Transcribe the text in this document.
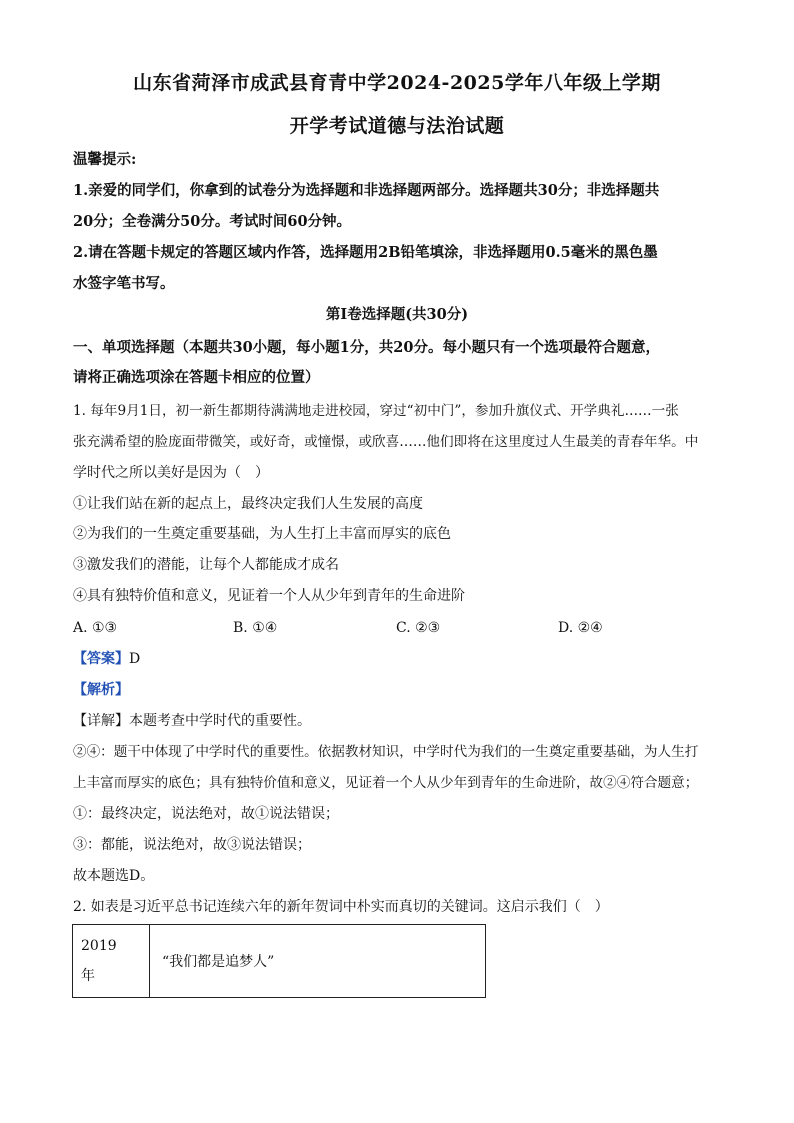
山东省菏泽市成武县育青中学2024-2025学年八年级上学期
开学考试道德与法治试题
温馨提示:
1.亲爱的同学们，你拿到的试卷分为选择题和非选择题两部分。选择题共30分；非选择题共
20分；全卷满分50分。考试时间60分钟。
2.请在答题卡规定的答题区域内作答，选择题用2B铅笔填涂，非选择题用0.5毫米的黑色墨
水签字笔书写。
第Ⅰ卷选择题(共30分)
一、单项选择题（本题共30小题，每小题1分，共20分。每小题只有一个选项最符合题意，
请将正确选项涂在答题卡相应的位置）
1. 每年9月1日，初一新生都期待满满地走进校园，穿过“初中门”，参加升旗仪式、开学典礼……一张
张充满希望的脸庞面带微笑，或好奇，或憧憬，或欣喜……他们即将在这里度过人生最美的青春年华。中
学时代之所以美好是因为（　）
①让我们站在新的起点上，最终决定我们人生发展的高度
②为我们的一生奠定重要基础，为人生打上丰富而厚实的底色
③激发我们的潜能，让每个人都能成才成名
④具有独特价值和意义，见证着一个人从少年到青年的生命进阶
A. ①③	B. ①④	C. ②③	D. ②④
【答案】D
【解析】
【详解】本题考查中学时代的重要性。
②④：题干中体现了中学时代的重要性。依据教材知识，中学时代为我们的一生奠定重要基础，为人生打
上丰富而厚实的底色；具有独特价值和意义，见证着一个人从少年到青年的生命进阶，故②④符合题意；
①：最终决定，说法绝对，故①说法错误；
③：都能，说法绝对，故③说法错误；
故本题选D。
2. 如表是习近平总书记连续六年的新年贺词中朴实而真切的关键词。这启示我们（　）
2019
年
	“我们都是追梦人”
